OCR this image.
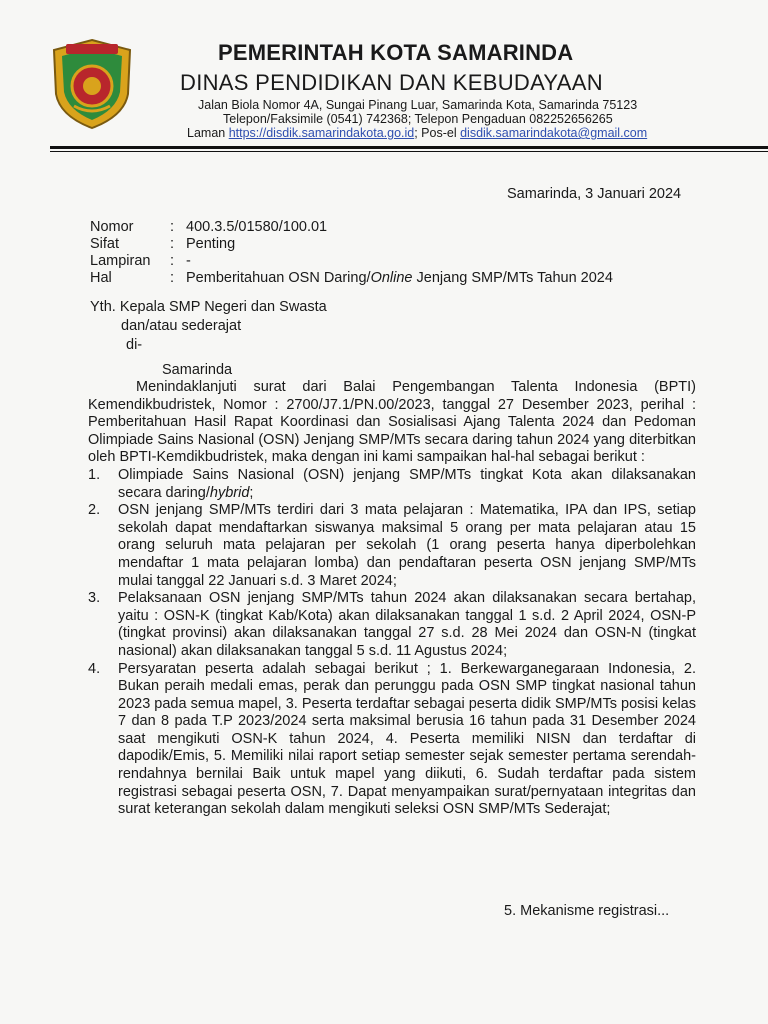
PEMERINTAH KOTA SAMARINDA
DINAS PENDIDIKAN DAN KEBUDAYAAN
Jalan Biola Nomor 4A, Sungai Pinang Luar, Samarinda Kota, Samarinda 75123
Telepon/Faksimile (0541) 742368; Telepon Pengaduan 082252656265
Laman https://disdik.samarindakota.go.id; Pos-el disdik.samarindakota@gmail.com
Samarinda, 3 Januari 2024
Nomor	: 400.3.5/01580/100.01
Sifat	: Penting
Lampiran	: -
Hal	: Pemberitahuan OSN Daring/Online Jenjang SMP/MTs Tahun 2024
Yth. Kepala SMP Negeri dan Swasta
dan/atau sederajat
di-
Samarinda

Menindaklanjuti surat dari Balai Pengembangan Talenta Indonesia (BPTI) Kemendikbudristek, Nomor : 2700/J7.1/PN.00/2023, tanggal 27 Desember 2023, perihal : Pemberitahuan Hasil Rapat Koordinasi dan Sosialisasi Ajang Talenta 2024 dan Pedoman Olimpiade Sains Nasional (OSN) Jenjang SMP/MTs secara daring tahun 2024 yang diterbitkan oleh BPTI-Kemdikbudristek, maka dengan ini kami sampaikan hal-hal sebagai berikut :

1. Olimpiade Sains Nasional (OSN) jenjang SMP/MTs tingkat Kota akan dilaksanakan secara daring/hybrid;
2. OSN jenjang SMP/MTs terdiri dari 3 mata pelajaran : Matematika, IPA dan IPS, setiap sekolah dapat mendaftarkan siswanya maksimal 5 orang per mata pelajaran atau 15 orang seluruh mata pelajaran per sekolah (1 orang peserta hanya diperbolehkan mendaftar 1 mata pelajaran lomba) dan pendaftaran peserta OSN jenjang SMP/MTs mulai tanggal 22 Januari s.d. 3 Maret 2024;
3. Pelaksanaan OSN jenjang SMP/MTs tahun 2024 akan dilaksanakan secara bertahap, yaitu : OSN-K (tingkat Kab/Kota) akan dilaksanakan tanggal 1 s.d. 2 April 2024, OSN-P (tingkat provinsi) akan dilaksanakan tanggal 27 s.d. 28 Mei 2024 dan OSN-N (tingkat nasional) akan dilaksanakan tanggal 5 s.d. 11 Agustus 2024;
4. Persyaratan peserta adalah sebagai berikut ; 1. Berkewarganegaraan Indonesia, 2. Bukan peraih medali emas, perak dan perunggu pada OSN SMP tingkat nasional tahun 2023 pada semua mapel, 3. Peserta terdaftar sebagai peserta didik SMP/MTs posisi kelas 7 dan 8 pada T.P 2023/2024 serta maksimal berusia 16 tahun pada 31 Desember 2024 saat mengikuti OSN-K tahun 2024, 4. Peserta memiliki NISN dan terdaftar di dapodik/Emis, 5. Memiliki nilai raport setiap semester sejak semester pertama serendah-rendahnya bernilai Baik untuk mapel yang diikuti, 6. Sudah terdaftar pada sistem registrasi sebagai peserta OSN, 7. Dapat menyampaikan surat/pernyataan integritas dan surat keterangan sekolah dalam mengikuti seleksi OSN SMP/MTs Sederajat;
5. Mekanisme registrasi...
